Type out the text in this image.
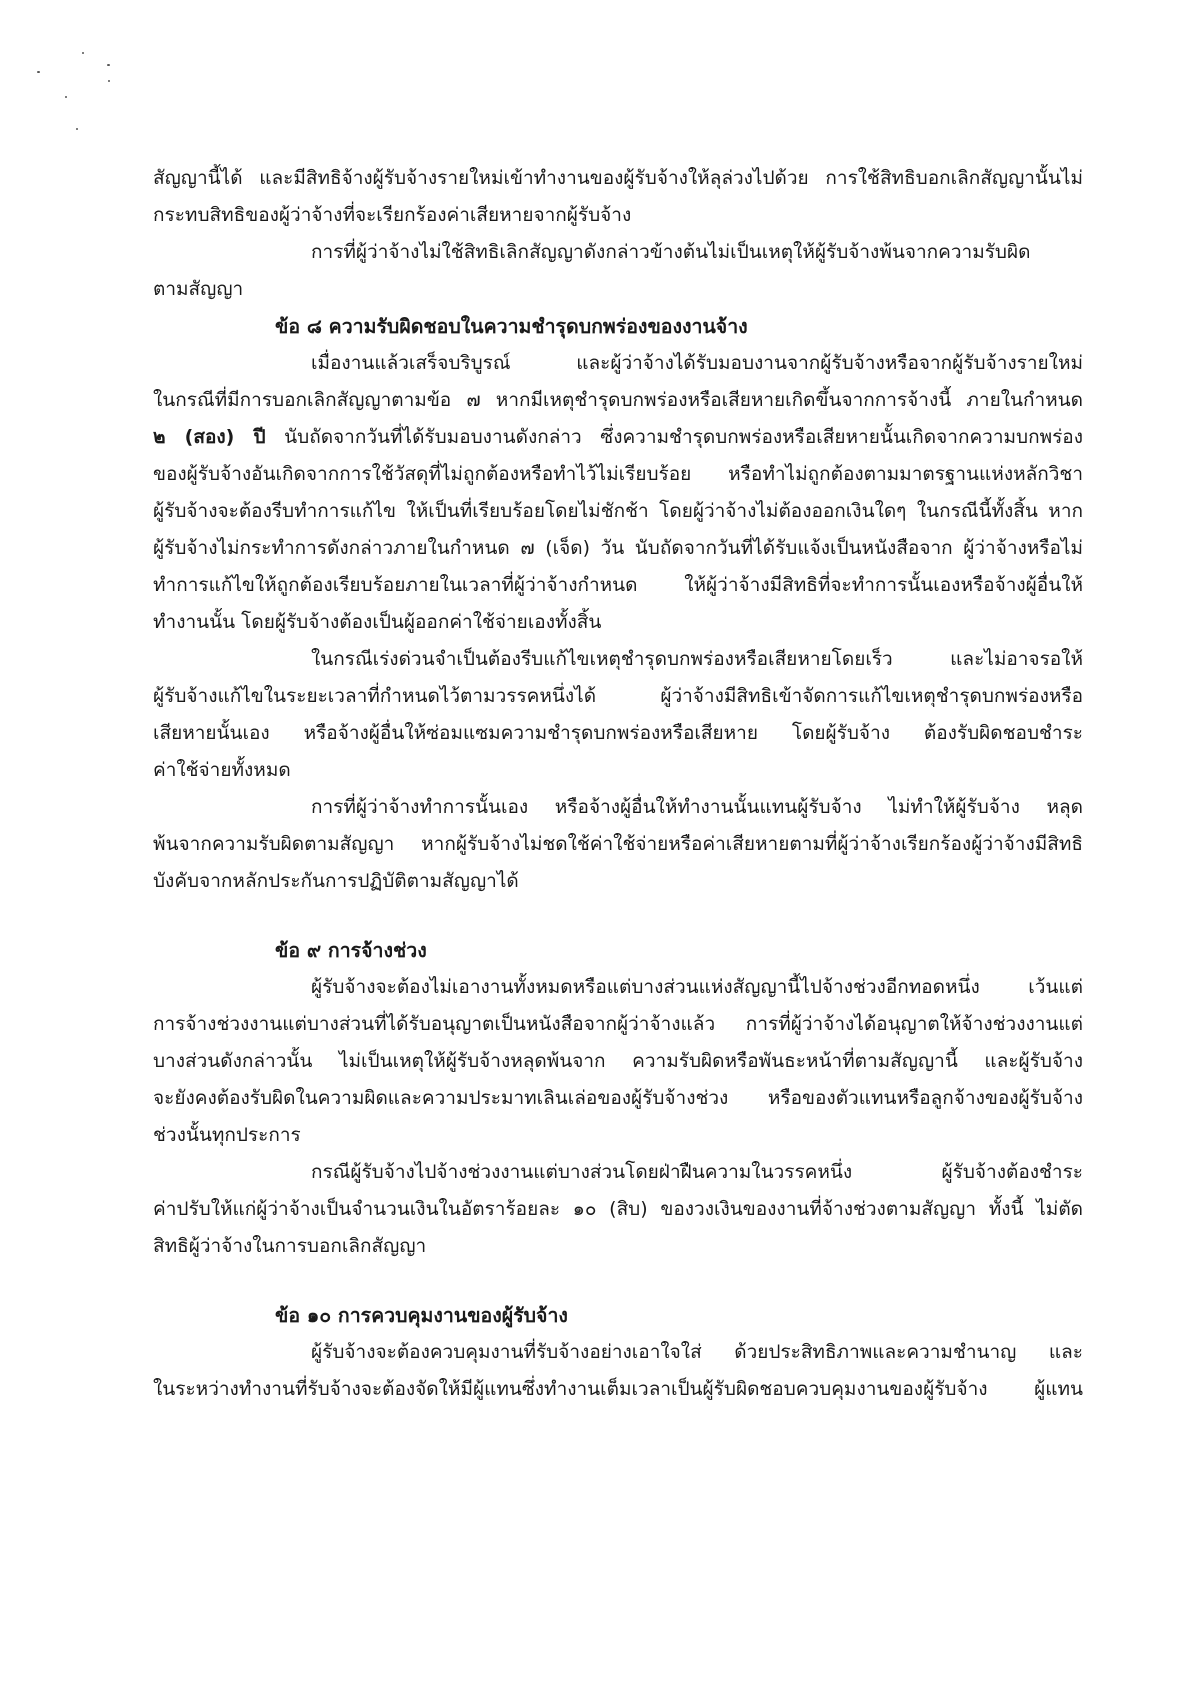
สัญญานี้ได้ และมีสิทธิจ้างผู้รับจ้างรายใหม่เข้าทำงานของผู้รับจ้างให้ลุล่วงไปด้วย การใช้สิทธิบอกเลิกสัญญานั้นไม่

กระทบสิทธิของผู้ว่าจ้างที่จะเรียกร้องค่าเสียหายจากผู้รับจ้าง

การที่ผู้ว่าจ้างไม่ใช้สิทธิเลิกสัญญาดังกล่าวข้างต้นไม่เป็นเหตุให้ผู้รับจ้างพ้นจากความรับผิด

ตามสัญญา

ข้อ ๘ ความรับผิดชอบในความชำรุดบกพร่องของงานจ้าง

เมื่องานแล้วเสร็จบริบูรณ์ และผู้ว่าจ้างได้รับมอบงานจากผู้รับจ้างหรือจากผู้รับจ้างรายใหม่

ในกรณีที่มีการบอกเลิกสัญญาตามข้อ ๗ หากมีเหตุชำรุดบกพร่องหรือเสียหายเกิดขึ้นจากการจ้างนี้ ภายในกำหนด

๒ (สอง) ปี นับถัดจากวันที่ได้รับมอบงานดังกล่าว ซึ่งความชำรุดบกพร่องหรือเสียหายนั้นเกิดจากความบกพร่อง

ของผู้รับจ้างอันเกิดจากการใช้วัสดุที่ไม่ถูกต้องหรือทำไว้ไม่เรียบร้อย หรือทำไม่ถูกต้องตามมาตรฐานแห่งหลักวิชา

ผู้รับจ้างจะต้องรีบทำการแก้ไข ให้เป็นที่เรียบร้อยโดยไม่ชักช้า โดยผู้ว่าจ้างไม่ต้องออกเงินใดๆ ในกรณีนี้ทั้งสิ้น หาก

ผู้รับจ้างไม่กระทำการดังกล่าวภายในกำหนด ๗ (เจ็ด) วัน นับถัดจากวันที่ได้รับแจ้งเป็นหนังสือจาก ผู้ว่าจ้างหรือไม่

ทำการแก้ไขให้ถูกต้องเรียบร้อยภายในเวลาที่ผู้ว่าจ้างกำหนด ให้ผู้ว่าจ้างมีสิทธิที่จะทำการนั้นเองหรือจ้างผู้อื่นให้

ทำงานนั้น โดยผู้รับจ้างต้องเป็นผู้ออกค่าใช้จ่ายเองทั้งสิ้น

ในกรณีเร่งด่วนจำเป็นต้องรีบแก้ไขเหตุชำรุดบกพร่องหรือเสียหายโดยเร็ว และไม่อาจรอให้

ผู้รับจ้างแก้ไขในระยะเวลาที่กำหนดไว้ตามวรรคหนึ่งได้ ผู้ว่าจ้างมีสิทธิเข้าจัดการแก้ไขเหตุชำรุดบกพร่องหรือ

เสียหายนั้นเอง หรือจ้างผู้อื่นให้ซ่อมแซมความชำรุดบกพร่องหรือเสียหาย โดยผู้รับจ้าง ต้องรับผิดชอบชำระ

ค่าใช้จ่ายทั้งหมด

การที่ผู้ว่าจ้างทำการนั้นเอง หรือจ้างผู้อื่นให้ทำงานนั้นแทนผู้รับจ้าง ไม่ทำให้ผู้รับจ้าง หลุด

พ้นจากความรับผิดตามสัญญา หากผู้รับจ้างไม่ชดใช้ค่าใช้จ่ายหรือค่าเสียหายตามที่ผู้ว่าจ้างเรียกร้องผู้ว่าจ้างมีสิทธิ

บังคับจากหลักประกันการปฏิบัติตามสัญญาได้

ข้อ ๙ การจ้างช่วง

ผู้รับจ้างจะต้องไม่เอางานทั้งหมดหรือแต่บางส่วนแห่งสัญญานี้ไปจ้างช่วงอีกทอดหนึ่ง เว้นแต่

การจ้างช่วงงานแต่บางส่วนที่ได้รับอนุญาตเป็นหนังสือจากผู้ว่าจ้างแล้ว การที่ผู้ว่าจ้างได้อนุญาตให้จ้างช่วงงานแต่

บางส่วนดังกล่าวนั้น ไม่เป็นเหตุให้ผู้รับจ้างหลุดพ้นจาก ความรับผิดหรือพันธะหน้าที่ตามสัญญานี้ และผู้รับจ้าง

จะยังคงต้องรับผิดในความผิดและความประมาทเลินเล่อของผู้รับจ้างช่วง หรือของตัวแทนหรือลูกจ้างของผู้รับจ้าง

ช่วงนั้นทุกประการ

กรณีผู้รับจ้างไปจ้างช่วงงานแต่บางส่วนโดยฝ่าฝืนความในวรรคหนึ่ง ผู้รับจ้างต้องชำระ

ค่าปรับให้แก่ผู้ว่าจ้างเป็นจำนวนเงินในอัตราร้อยละ ๑๐ (สิบ) ของวงเงินของงานที่จ้างช่วงตามสัญญา ทั้งนี้ ไม่ตัด

สิทธิผู้ว่าจ้างในการบอกเลิกสัญญา

ข้อ ๑๐ การควบคุมงานของผู้รับจ้าง

ผู้รับจ้างจะต้องควบคุมงานที่รับจ้างอย่างเอาใจใส่ ด้วยประสิทธิภาพและความชำนาญ และ

ในระหว่างทำงานที่รับจ้างจะต้องจัดให้มีผู้แทนซึ่งทำงานเต็มเวลาเป็นผู้รับผิดชอบควบคุมงานของผู้รับจ้าง ผู้แทน
